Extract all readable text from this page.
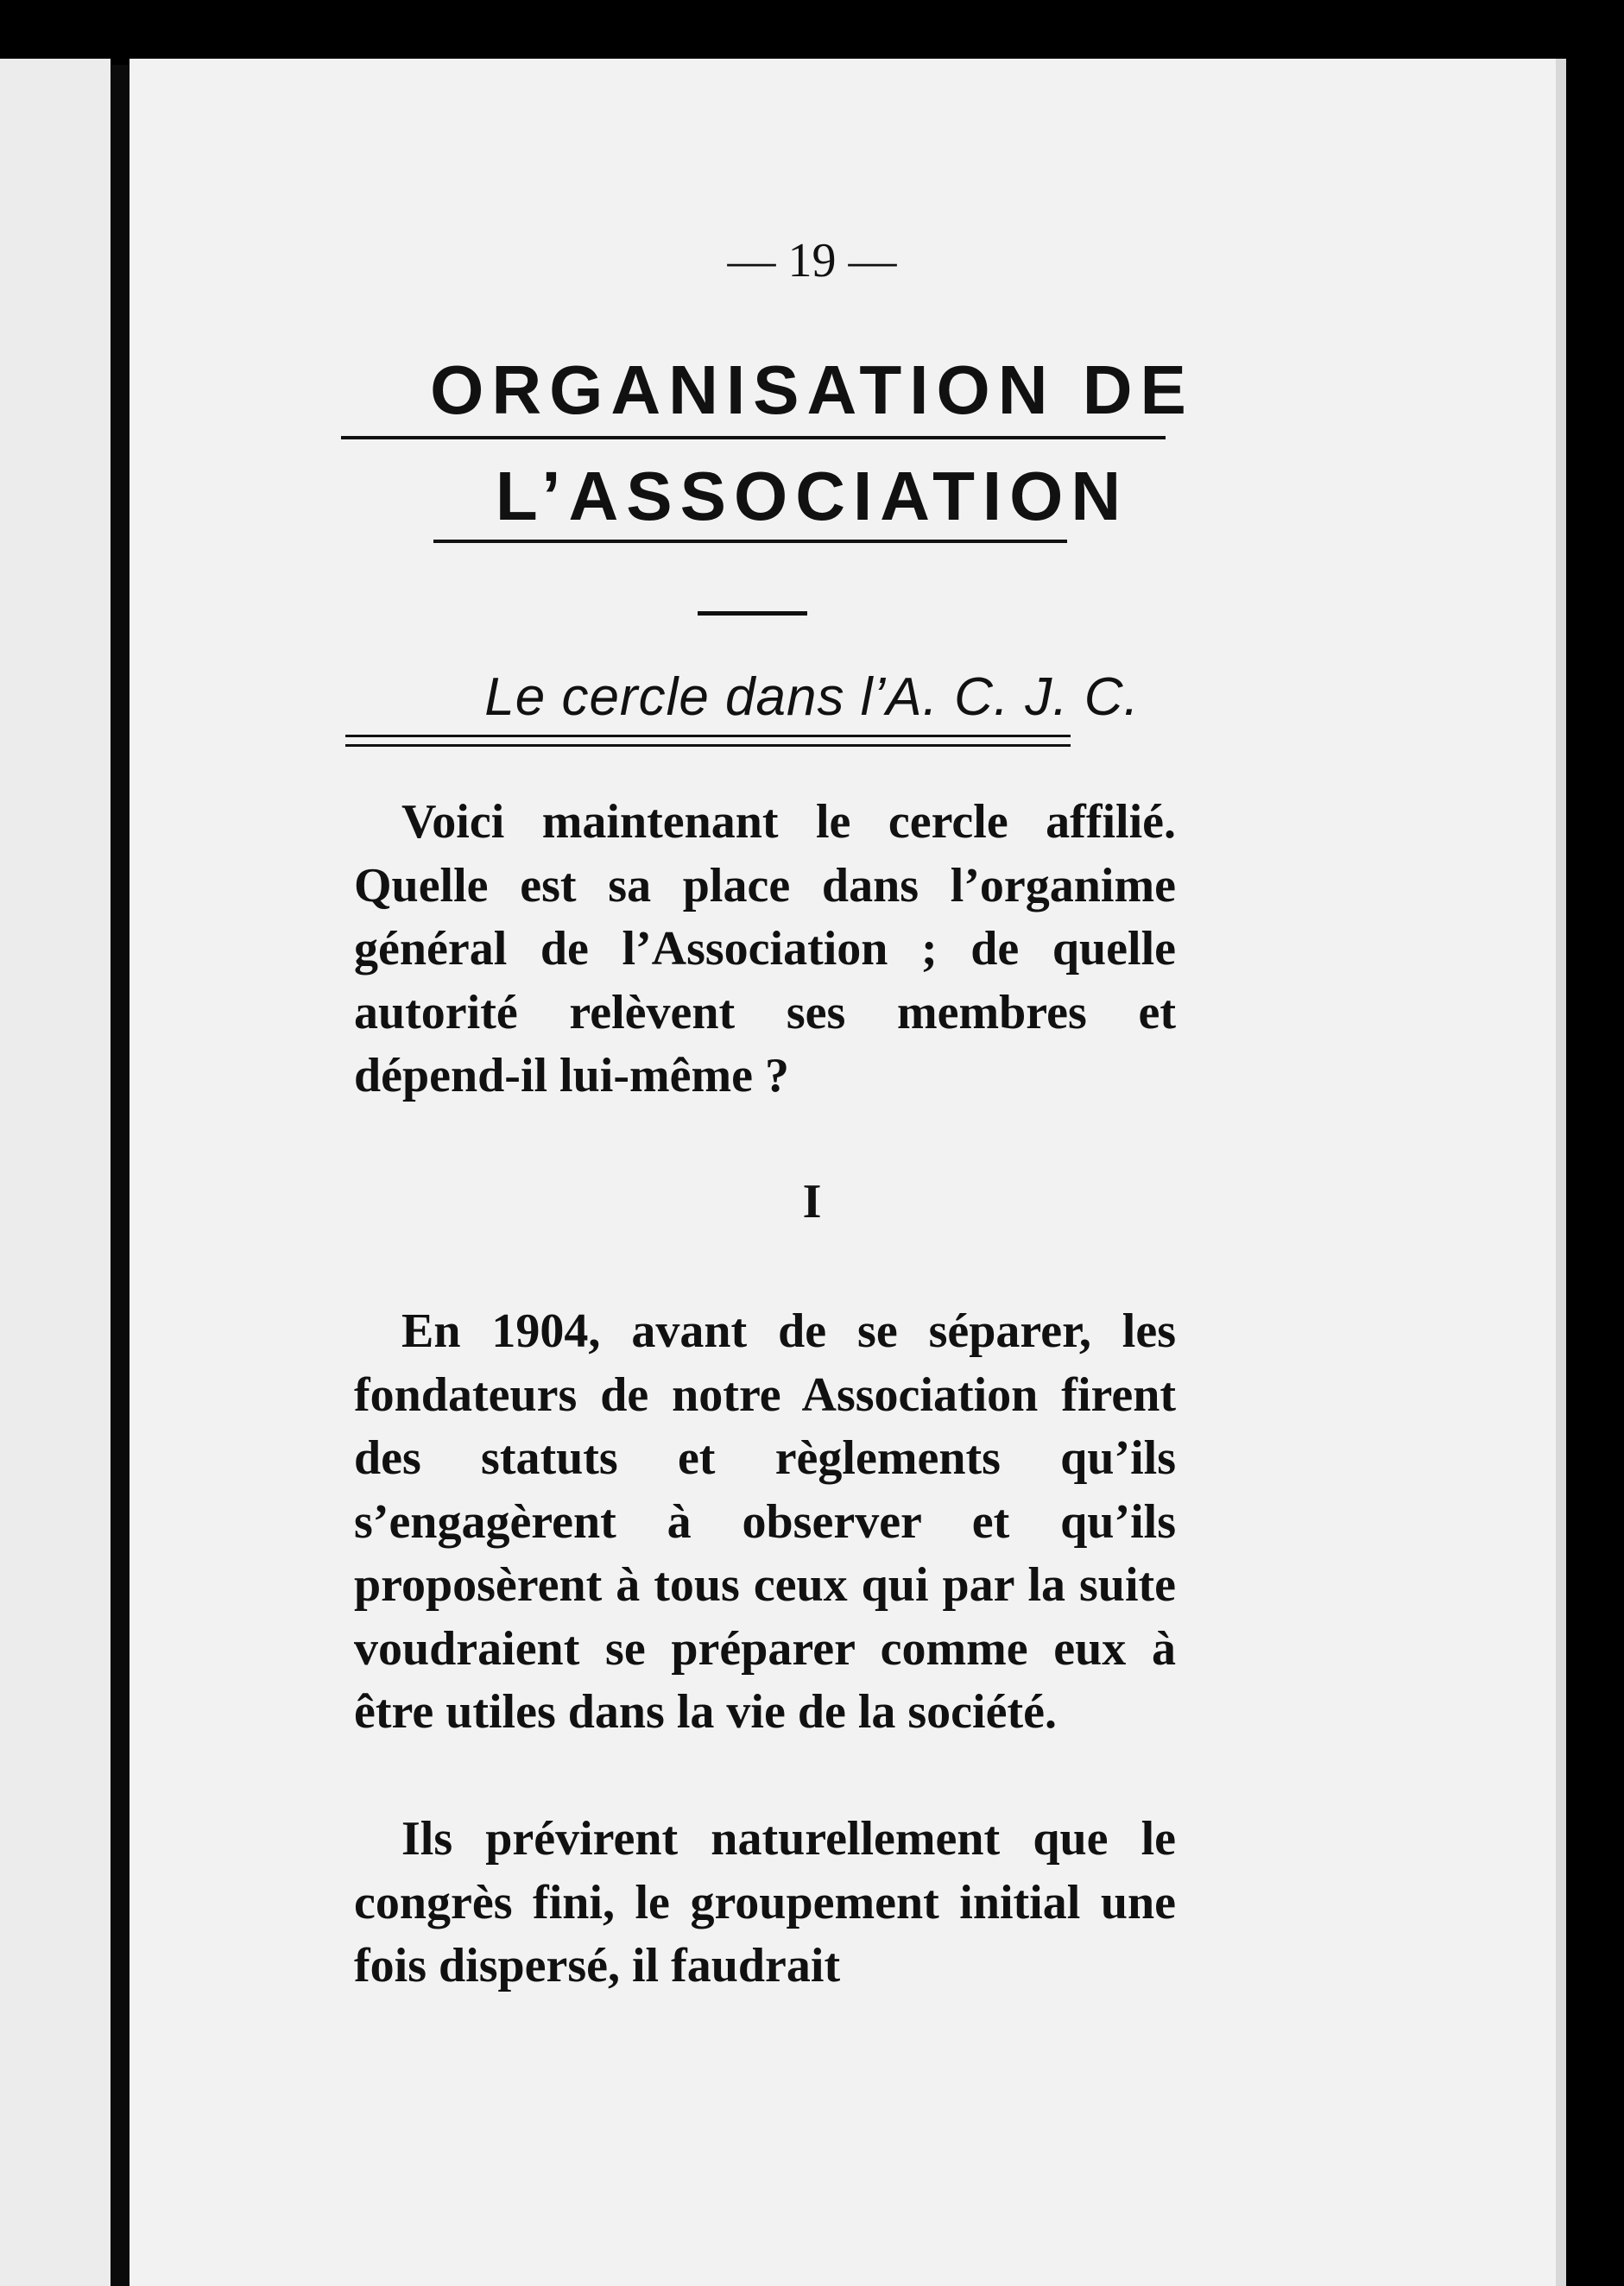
— 19 —
ORGANISATION DE
L’ASSOCIATION
Le cercle dans l’A. C. J. C.
Voici maintenant le cercle affilié. Quelle est sa place dans l’organime général de l’Association ; de quelle autorité relèvent ses membres et dépend-il lui-même ?
I
En 1904, avant de se séparer, les fondateurs de notre Association firent des statuts et règlements qu’ils s’engagèrent à observer et qu’ils proposèrent à tous ceux qui par la suite voudraient se préparer comme eux à être utiles dans la vie de la société.
Ils prévirent naturellement que le congrès fini, le groupement initial une fois dispersé, il faudrait
